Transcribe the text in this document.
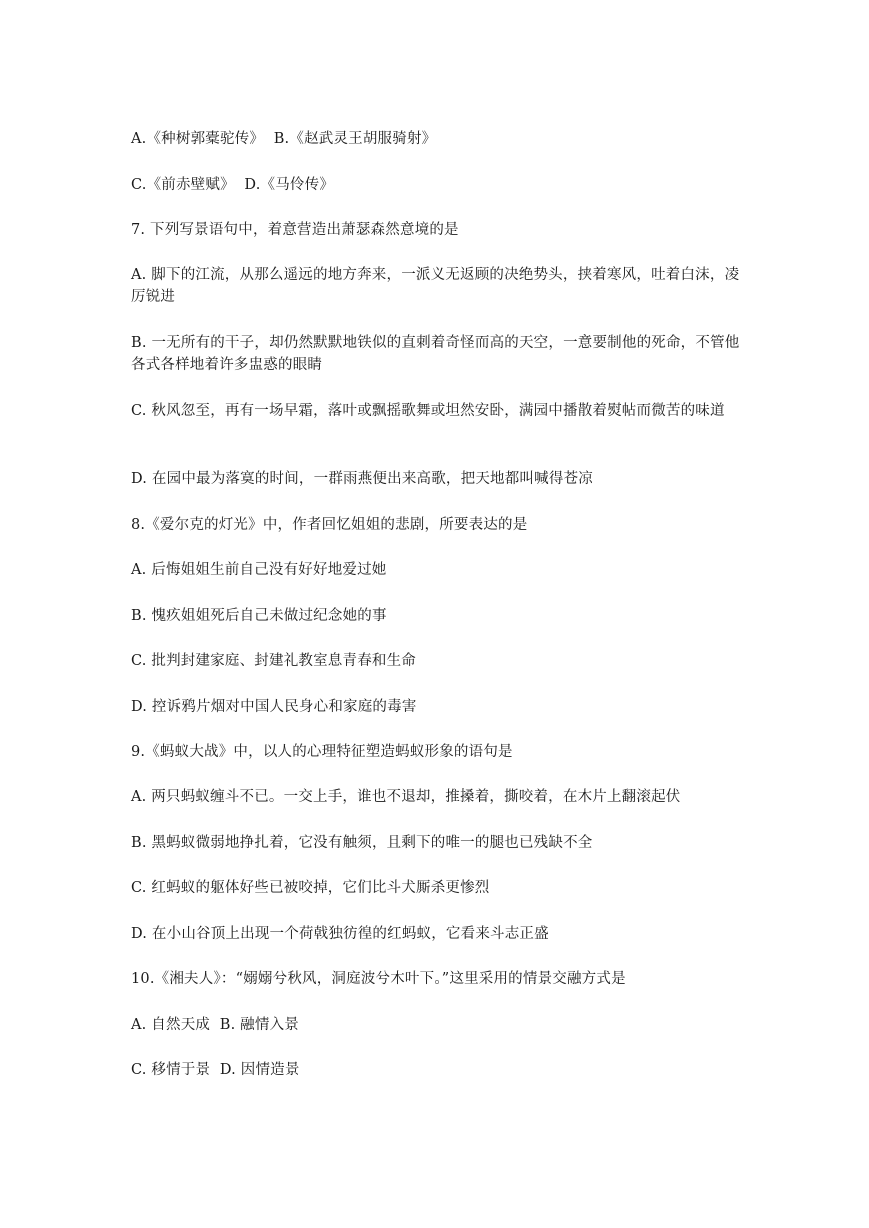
A.《种树郭橐驼传》  B.《赵武灵王胡服骑射》
C.《前赤壁赋》  D.《马伶传》
7. 下列写景语句中，着意营造出萧瑟森然意境的是
A. 脚下的江流，从那么遥远的地方奔来，一派义无返顾的决绝势头，挟着寒风，吐着白沫，凌厉锐进
B. 一无所有的干子，却仍然默默地铁似的直刺着奇怪而高的天空，一意要制他的死命，不管他各式各样地着许多盅惑的眼睛
C. 秋风忽至，再有一场早霜，落叶或飘摇歌舞或坦然安卧，满园中播散着熨帖而微苦的味道
D. 在园中最为落寞的时间，一群雨燕便出来高歌，把天地都叫喊得苍凉
8.《爱尔克的灯光》中，作者回忆姐姐的悲剧，所要表达的是
A. 后悔姐姐生前自己没有好好地爱过她
B. 愧疚姐姐死后自己未做过纪念她的事
C. 批判封建家庭、封建礼教室息青春和生命
D. 控诉鸦片烟对中国人民身心和家庭的毒害
9.《蚂蚁大战》中，以人的心理特征塑造蚂蚁形象的语句是
A. 两只蚂蚁缠斗不已。一交上手，谁也不退却，推搡着，撕咬着，在木片上翻滚起伏
B. 黑蚂蚁微弱地挣扎着，它没有触须，且剩下的唯一的腿也已残缺不全
C. 红蚂蚁的躯体好些已被咬掉，它们比斗犬厮杀更惨烈
D. 在小山谷顶上出现一个荷戟独彷徨的红蚂蚁，它看来斗志正盛
10.《湘夫人》：“嫋嫋兮秋风，洞庭波兮木叶下。”这里采用的情景交融方式是
A. 自然天成  B. 融情入景
C. 移情于景  D. 因情造景
